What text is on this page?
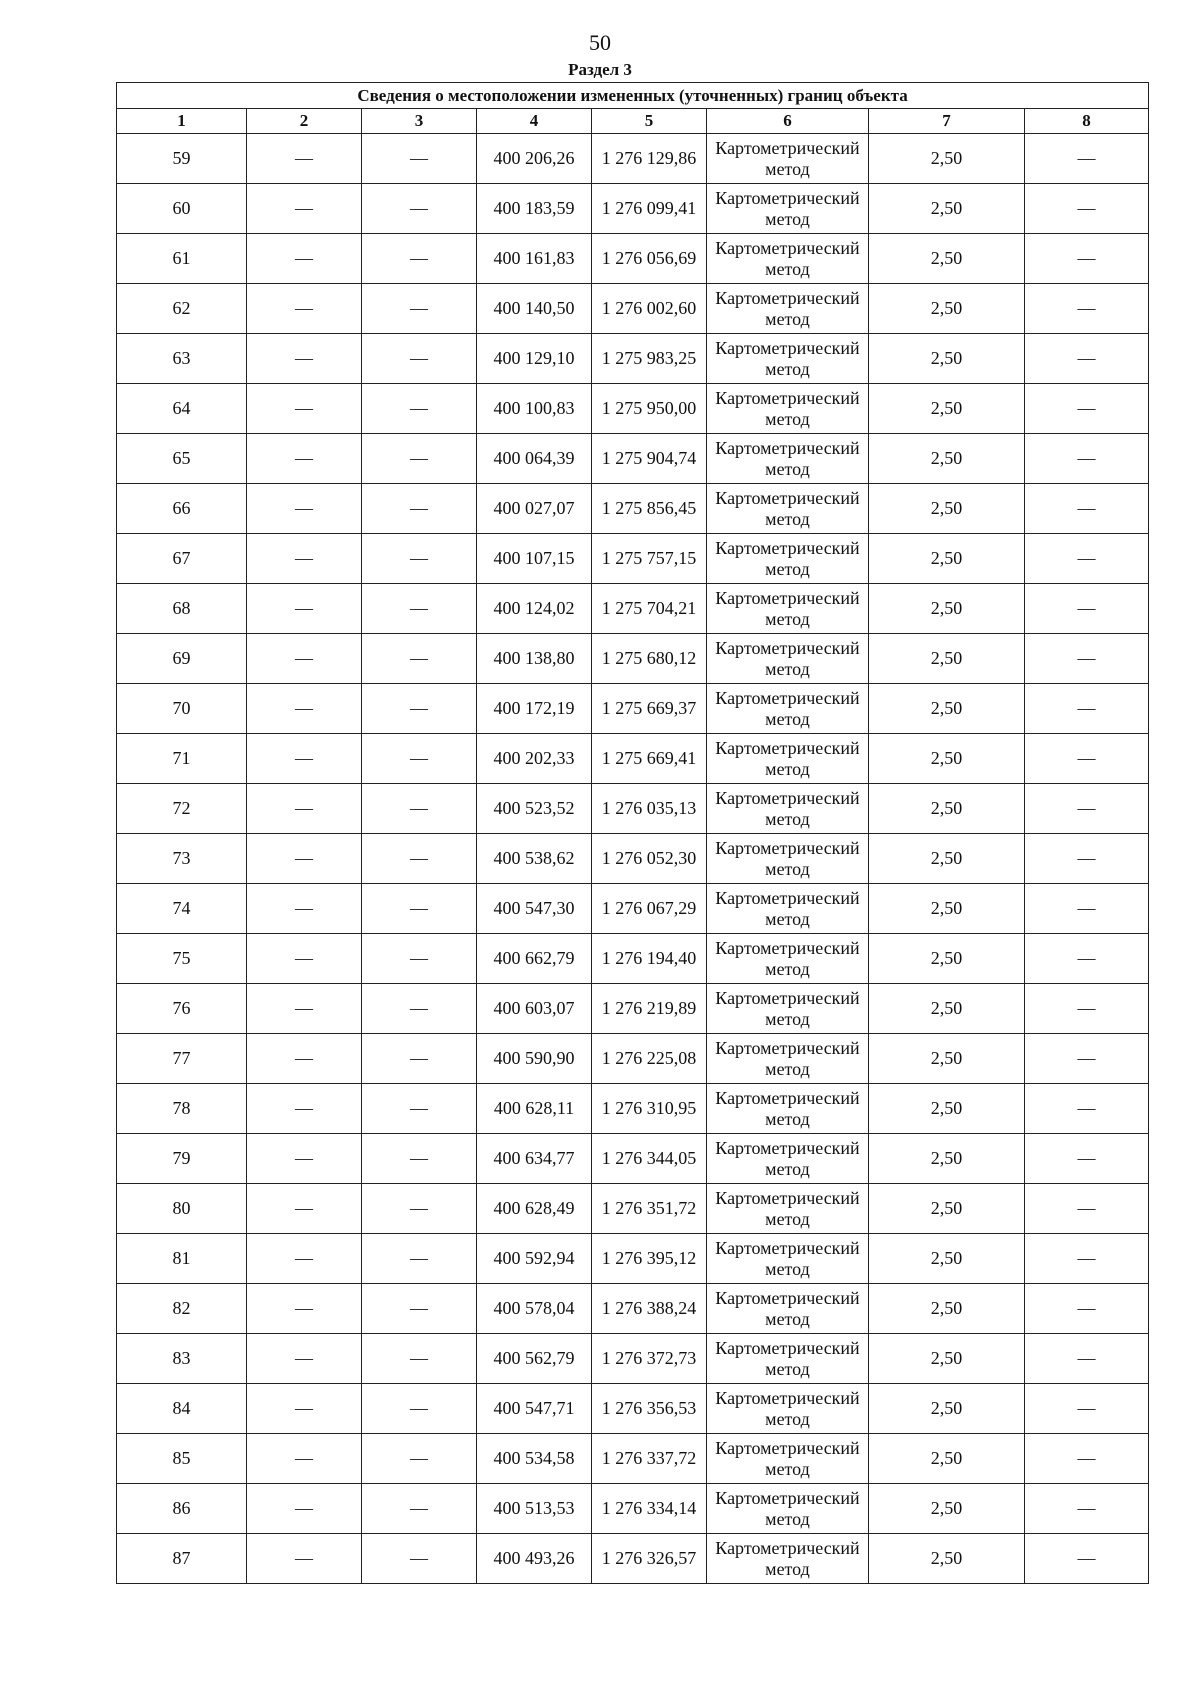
50
Раздел 3
Сведения о местоположении измененных (уточненных) границ объекта							
1	2	3	4	5	6	7	8
59	—	—	400 206,26	1 276 129,86	Картометрический метод	2,50	—
60	—	—	400 183,59	1 276 099,41	Картометрический метод	2,50	—
61	—	—	400 161,83	1 276 056,69	Картометрический метод	2,50	—
62	—	—	400 140,50	1 276 002,60	Картометрический метод	2,50	—
63	—	—	400 129,10	1 275 983,25	Картометрический метод	2,50	—
64	—	—	400 100,83	1 275 950,00	Картометрический метод	2,50	—
65	—	—	400 064,39	1 275 904,74	Картометрический метод	2,50	—
66	—	—	400 027,07	1 275 856,45	Картометрический метод	2,50	—
67	—	—	400 107,15	1 275 757,15	Картометрический метод	2,50	—
68	—	—	400 124,02	1 275 704,21	Картометрический метод	2,50	—
69	—	—	400 138,80	1 275 680,12	Картометрический метод	2,50	—
70	—	—	400 172,19	1 275 669,37	Картометрический метод	2,50	—
71	—	—	400 202,33	1 275 669,41	Картометрический метод	2,50	—
72	—	—	400 523,52	1 276 035,13	Картометрический метод	2,50	—
73	—	—	400 538,62	1 276 052,30	Картометрический метод	2,50	—
74	—	—	400 547,30	1 276 067,29	Картометрический метод	2,50	—
75	—	—	400 662,79	1 276 194,40	Картометрический метод	2,50	—
76	—	—	400 603,07	1 276 219,89	Картометрический метод	2,50	—
77	—	—	400 590,90	1 276 225,08	Картометрический метод	2,50	—
78	—	—	400 628,11	1 276 310,95	Картометрический метод	2,50	—
79	—	—	400 634,77	1 276 344,05	Картометрический метод	2,50	—
80	—	—	400 628,49	1 276 351,72	Картометрический метод	2,50	—
81	—	—	400 592,94	1 276 395,12	Картометрический метод	2,50	—
82	—	—	400 578,04	1 276 388,24	Картометрический метод	2,50	—
83	—	—	400 562,79	1 276 372,73	Картометрический метод	2,50	—
84	—	—	400 547,71	1 276 356,53	Картометрический метод	2,50	—
85	—	—	400 534,58	1 276 337,72	Картометрический метод	2,50	—
86	—	—	400 513,53	1 276 334,14	Картометрический метод	2,50	—
87	—	—	400 493,26	1 276 326,57	Картометрический метод	2,50	—
